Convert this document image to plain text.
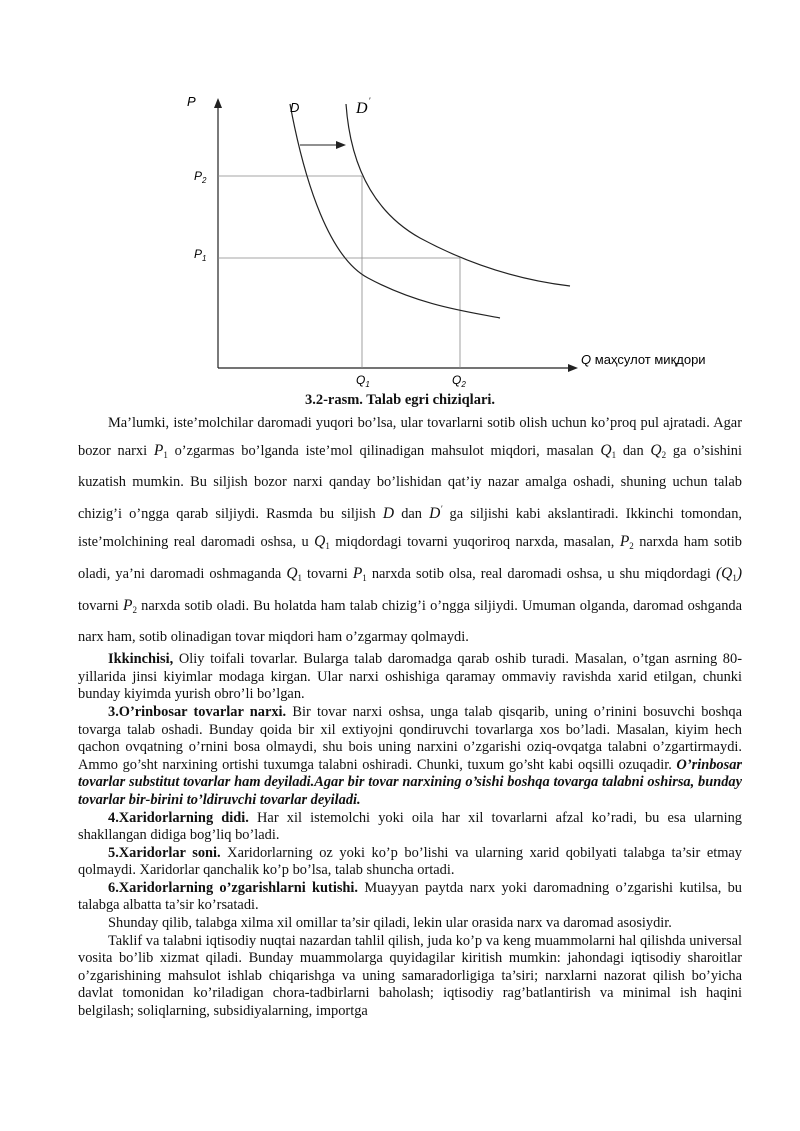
P	D	D ′
$P_2$
$P_1$
$Q_1$	$Q_2$
Q маҳсулот миқдори
3.2-rasm. Talab egri chiziqlari.

Ma’lumki, iste’molchilar daromadi yuqori bo’lsa, ular tovarlarni sotib olish uchun ko’proq pul ajratadi. Agar bozor narxi $P_1$ o’zgarmas bo’lganda iste’mol qilinadigan mahsulot miqdori, masalan $Q_1$ dan $Q_2$ ga o’sishini kuzatish mumkin. Bu siljish bozor narxi qanday bo’lishidan qat’iy nazar amalga oshadi, shuning uchun talab chizig’i o’ngga qarab siljiydi. Rasmda bu siljish D dan D′ ga siljishi kabi akslantiradi. Ikkinchi tomondan, iste’molchining real daromadi oshsa, u $Q_1$ miqdordagi tovarni yuqoriroq narxda, masalan, $P_2$ narxda ham sotib oladi, ya’ni daromadi oshmaganda $Q_1$ tovarni $P_1$ narxda sotib olsa, real daromadi oshsa, u shu miqdordagi $(Q_1)$ tovarni $P_2$ narxda sotib oladi. Bu holatda ham talab chizig’i o’ngga siljiydi. Umuman olganda, daromad oshganda narx ham, sotib olinadigan tovar miqdori ham o’zgarmay qolmaydi.

Ikkinchisi, Oliy toifali tovarlar. Bularga talab daromadga qarab oshib turadi. Masalan, o’tgan asrning 80-yillarida jinsi kiyimlar modaga kirgan. Ular narxi oshishiga qaramay ommaviy ravishda xarid etilgan, chunki bunday kiyimda yurish obro’li bo’lgan.

3.O’rinbosar tovarlar narxi. Bir tovar narxi oshsa, unga talab qisqarib, uning o’rinini bosuvchi boshqa tovarga talab oshadi. Bunday qoida bir xil extiyojni qondiruvchi tovarlarga xos bo’ladi. Masalan, kiyim hech qachon ovqatning o’rnini bosa olmaydi, shu bois uning narxini o’zgarishi oziq-ovqatga talabni o’zgartirmaydi. Ammo go’sht narxining ortishi tuxumga talabni oshiradi. Chunki, tuxum go’sht kabi oqsilli ozuqadir. O’rinbosar tovarlar substitut tovarlar ham deyiladi.Agar bir tovar narxining o’sishi boshqa tovarga talabni oshirsa, bunday tovarlar bir-birini to’ldiruvchi tovarlar deyiladi.

4.Xaridorlarning didi. Har xil istemolchi yoki oila har xil tovarlarni afzal ko’radi, bu esa ularning shakllangan didiga bog’liq bo’ladi.

5.Xaridorlar soni. Xaridorlarning oz yoki ko’p bo’lishi va ularning xarid qobilyati talabga ta’sir etmay qolmaydi. Xaridorlar qanchalik ko’p bo’lsa, talab shuncha ortadi.

6.Xaridorlarning o’zgarishlarni kutishi. Muayyan paytda narx yoki daromadning o’zgarishi kutilsa, bu talabga albatta ta’sir ko’rsatadi.

Shunday qilib, talabga xilma xil omillar ta’sir qiladi, lekin ular orasida narx va daromad asosiydir.

Taklif va talabni iqtisodiy nuqtai nazardan tahlil qilish, juda ko’p va keng muammolarni hal qilishda universal vosita bo’lib xizmat qiladi. Bunday muammolarga quyidagilar kiritish mumkin: jahondagi iqtisodiy sharoitlar o’zgarishining mahsulot ishlab chiqarishga va uning samaradorligiga ta’siri; narxlarni nazorat qilish bo’yicha davlat tomonidan ko’riladigan chora-tadbirlarni baholash; iqtisodiy rag’batlantirish va minimal ish haqini belgilash; soliqlarning, subsidiyalarning, importga
